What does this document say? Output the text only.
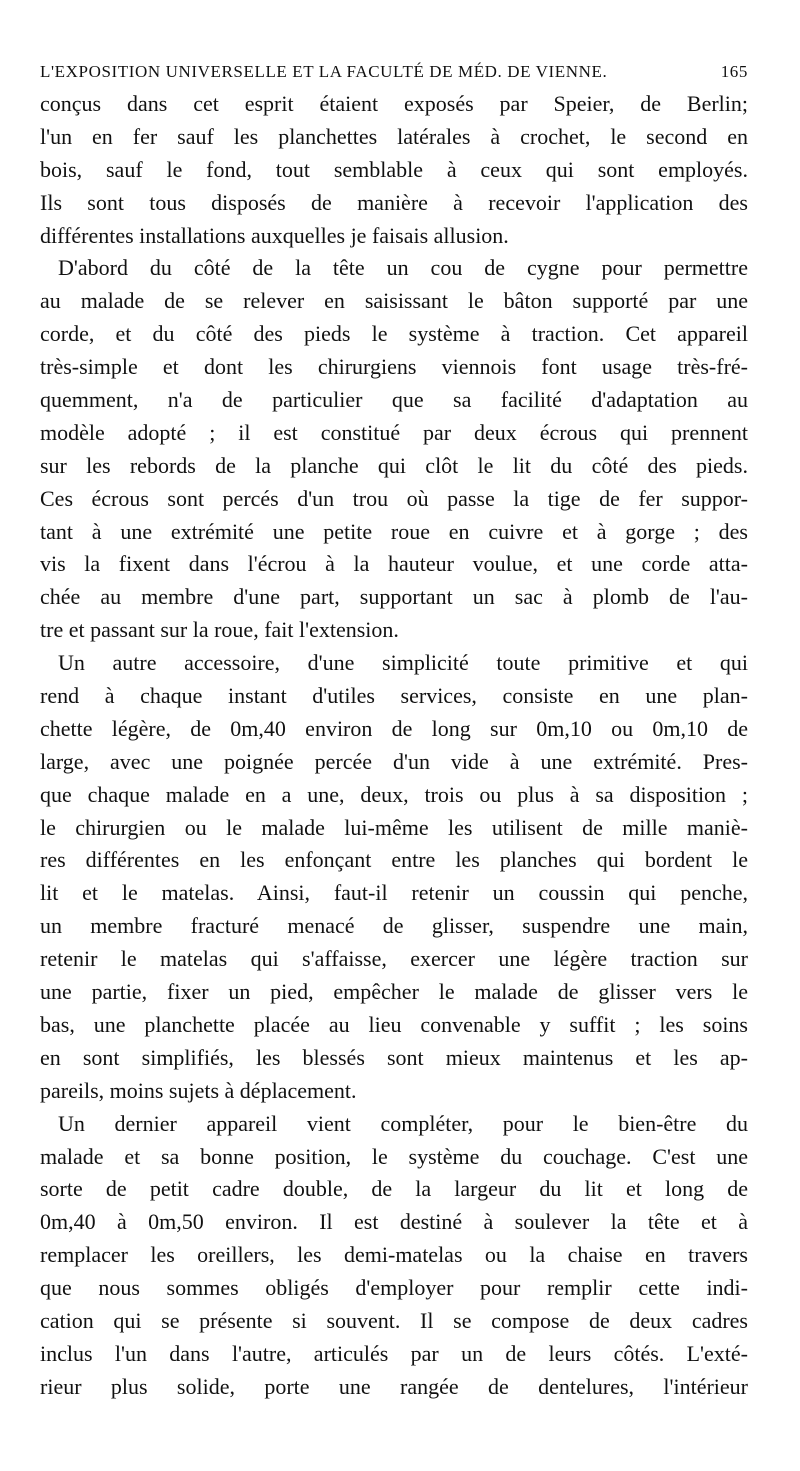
L'EXPOSITION UNIVERSELLE ET LA FACULTÉ DE MÉD. DE VIENNE.	165
conçus dans cet esprit étaient exposés par Speier, de Berlin;
l'un en fer sauf les planchettes latérales à crochet, le second en
bois, sauf le fond, tout semblable à ceux qui sont employés.
Ils sont tous disposés de manière à recevoir l'application des
différentes installations auxquelles je faisais allusion.
D'abord du côté de la tête un cou de cygne pour permettre
au malade de se relever en saisissant le bâton supporté par une
corde, et du côté des pieds le système à traction. Cet appareil
très-simple et dont les chirurgiens viennois font usage très-fré-
quemment, n'a de particulier que sa facilité d'adaptation au
modèle adopté ; il est constitué par deux écrous qui prennent
sur les rebords de la planche qui clôt le lit du côté des pieds.
Ces écrous sont percés d'un trou où passe la tige de fer suppor-
tant à une extrémité une petite roue en cuivre et à gorge ; des
vis la fixent dans l'écrou à la hauteur voulue, et une corde atta-
chée au membre d'une part, supportant un sac à plomb de l'au-
tre et passant sur la roue, fait l'extension.
Un autre accessoire, d'une simplicité toute primitive et qui
rend à chaque instant d'utiles services, consiste en une plan-
chette légère, de 0m,40 environ de long sur 0m,10 ou 0m,10 de
large, avec une poignée percée d'un vide à une extrémité. Pres-
que chaque malade en a une, deux, trois ou plus à sa disposition ;
le chirurgien ou le malade lui-même les utilisent de mille maniè-
res différentes en les enfonçant entre les planches qui bordent le
lit et le matelas. Ainsi, faut-il retenir un coussin qui penche,
un membre fracturé menacé de glisser, suspendre une main,
retenir le matelas qui s'affaisse, exercer une légère traction sur
une partie, fixer un pied, empêcher le malade de glisser vers le
bas, une planchette placée au lieu convenable y suffit ; les soins
en sont simplifiés, les blessés sont mieux maintenus et les ap-
pareils, moins sujets à déplacement.
Un dernier appareil vient compléter, pour le bien-être du
malade et sa bonne position, le système du couchage. C'est une
sorte de petit cadre double, de la largeur du lit et long de
0m,40 à 0m,50 environ. Il est destiné à soulever la tête et à
remplacer les oreillers, les demi-matelas ou la chaise en travers
que nous sommes obligés d'employer pour remplir cette indi-
cation qui se présente si souvent. Il se compose de deux cadres
inclus l'un dans l'autre, articulés par un de leurs côtés. L'exté-
rieur plus solide, porte une rangée de dentelures, l'intérieur
